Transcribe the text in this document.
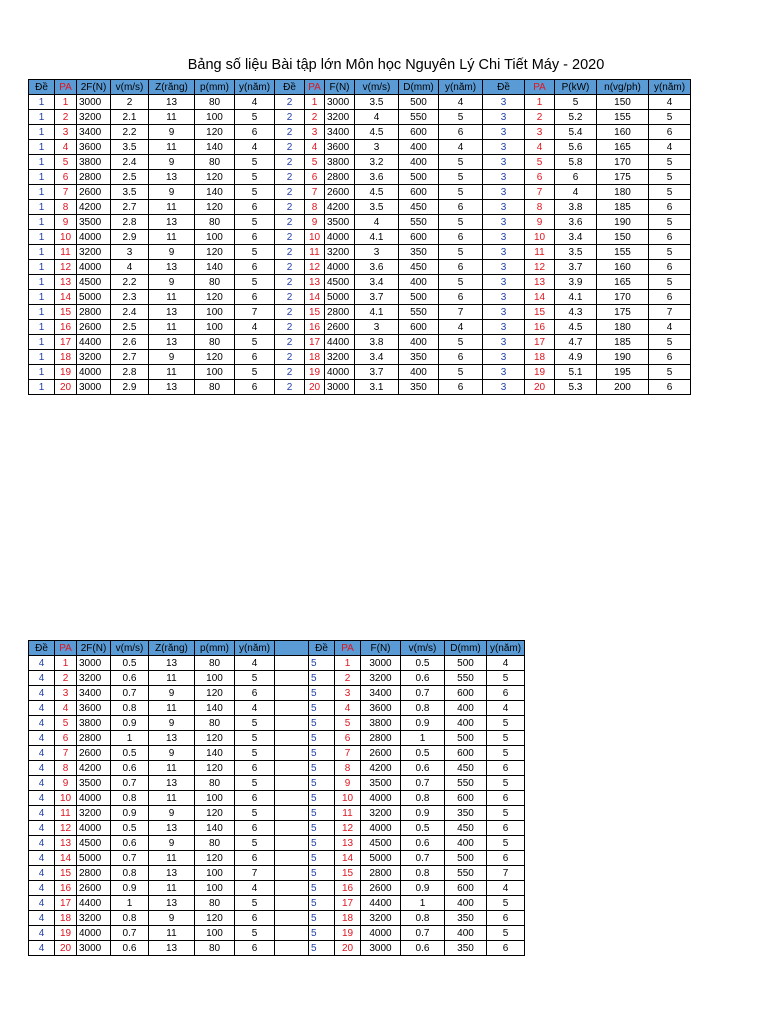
Bảng số liệu Bài tập lớn Môn học Nguyên Lý Chi Tiết Máy - 2020
Đề	PA	2F(N)	v(m/s)	Z(răng)	p(mm)	y(năm)	Đề	PA	F(N)	v(m/s)	D(mm)	y(năm)	Đề	PA	P(kW)	n(vg/ph)	y(năm)
1	1	3000	2	13	80	4	2	1	3000	3.5	500	4	3	1	5	150	4
1	2	3200	2.1	11	100	5	2	2	3200	4	550	5	3	2	5.2	155	5
1	3	3400	2.2	9	120	6	2	3	3400	4.5	600	6	3	3	5.4	160	6
1	4	3600	3.5	11	140	4	2	4	3600	3	400	4	3	4	5.6	165	4
1	5	3800	2.4	9	80	5	2	5	3800	3.2	400	5	3	5	5.8	170	5
1	6	2800	2.5	13	120	5	2	6	2800	3.6	500	5	3	6	6	175	5
1	7	2600	3.5	9	140	5	2	7	2600	4.5	600	5	3	7	4	180	5
1	8	4200	2.7	11	120	6	2	8	4200	3.5	450	6	3	8	3.8	185	6
1	9	3500	2.8	13	80	5	2	9	3500	4	550	5	3	9	3.6	190	5
1	10	4000	2.9	11	100	6	2	10	4000	4.1	600	6	3	10	3.4	150	6
1	11	3200	3	9	120	5	2	11	3200	3	350	5	3	11	3.5	155	5
1	12	4000	4	13	140	6	2	12	4000	3.6	450	6	3	12	3.7	160	6
1	13	4500	2.2	9	80	5	2	13	4500	3.4	400	5	3	13	3.9	165	5
1	14	5000	2.3	11	120	6	2	14	5000	3.7	500	6	3	14	4.1	170	6
1	15	2800	2.4	13	100	7	2	15	2800	4.1	550	7	3	15	4.3	175	7
1	16	2600	2.5	11	100	4	2	16	2600	3	600	4	3	16	4.5	180	4
1	17	4400	2.6	13	80	5	2	17	4400	3.8	400	5	3	17	4.7	185	5
1	18	3200	2.7	9	120	6	2	18	3200	3.4	350	6	3	18	4.9	190	6
1	19	4000	2.8	11	100	5	2	19	4000	3.7	400	5	3	19	5.1	195	5
1	20	3000	2.9	13	80	6	2	20	3000	3.1	350	6	3	20	5.3	200	6
Đề	PA	2F(N)	v(m/s)	Z(răng)	p(mm)	y(năm)		Đề	PA	F(N)	v(m/s)	D(mm)	y(năm)
4	1	3000	0.5	13	80	4		5	1	3000	0.5	500	4
4	2	3200	0.6	11	100	5		5	2	3200	0.6	550	5
4	3	3400	0.7	9	120	6		5	3	3400	0.7	600	6
4	4	3600	0.8	11	140	4		5	4	3600	0.8	400	4
4	5	3800	0.9	9	80	5		5	5	3800	0.9	400	5
4	6	2800	1	13	120	5		5	6	2800	1	500	5
4	7	2600	0.5	9	140	5		5	7	2600	0.5	600	5
4	8	4200	0.6	11	120	6		5	8	4200	0.6	450	6
4	9	3500	0.7	13	80	5		5	9	3500	0.7	550	5
4	10	4000	0.8	11	100	6		5	10	4000	0.8	600	6
4	11	3200	0.9	9	120	5		5	11	3200	0.9	350	5
4	12	4000	0.5	13	140	6		5	12	4000	0.5	450	6
4	13	4500	0.6	9	80	5		5	13	4500	0.6	400	5
4	14	5000	0.7	11	120	6		5	14	5000	0.7	500	6
4	15	2800	0.8	13	100	7		5	15	2800	0.8	550	7
4	16	2600	0.9	11	100	4		5	16	2600	0.9	600	4
4	17	4400	1	13	80	5		5	17	4400	1	400	5
4	18	3200	0.8	9	120	6		5	18	3200	0.8	350	6
4	19	4000	0.7	11	100	5		5	19	4000	0.7	400	5
4	20	3000	0.6	13	80	6		5	20	3000	0.6	350	6
